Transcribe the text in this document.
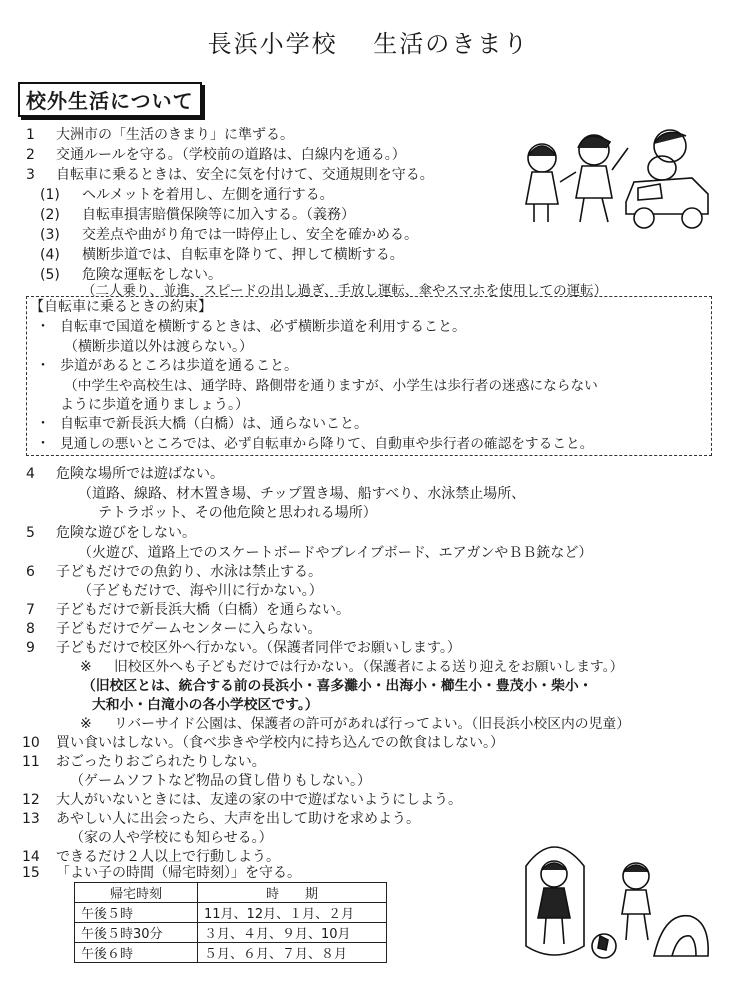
長浜小学校　 生活のきまり
校外生活について
1 大洲市の「生活のきまり」に準ずる。
2 交通ルールを守る。（学校前の道路は、白線内を通る。）
3 自転車に乗るときは、安全に気を付けて、交通規則を守る。
(1) ヘルメットを着用し、左側を通行する。
(2) 自転車損害賠償保険等に加入する。（義務）
(3) 交差点や曲がり角では一時停止し、安全を確かめる。
(4) 横断歩道では、自転車を降りて、押して横断する。
(5) 危険な運転をしない。
（二人乗り、並進、スピードの出し過ぎ、手放し運転、傘やスマホを使用しての運転）
【自転車に乗るときの約束】
・ 自転車で国道を横断するときは、必ず横断歩道を利用すること。
（横断歩道以外は渡らない。）
・ 歩道があるところは歩道を通ること。
（中学生や高校生は、通学時、路側帯を通りますが、小学生は歩行者の迷惑にならない
ように歩道を通りましょう。）
・ 自転車で新長浜大橋（白橋）は、通らないこと。
・ 見通しの悪いところでは、必ず自転車から降りて、自動車や歩行者の確認をすること。
4 危険な場所では遊ばない。
（道路、線路、材木置き場、チップ置き場、船すべり、水泳禁止場所、
テトラポット、その他危険と思われる場所）
5 危険な遊びをしない。
（火遊び、道路上でのスケートボードやブレイブボード、エアガンやＢＢ銃など）
6 子どもだけでの魚釣り、水泳は禁止する。
（子どもだけで、海や川に行かない。）
7 子どもだけで新長浜大橋（白橋）を通らない。
8 子どもだけでゲームセンターに入らない。
9 子どもだけで校区外へ行かない。（保護者同伴でお願いします。）
※ 旧校区外へも子どもだけでは行かない。（保護者による送り迎えをお願いします。）
（旧校区とは、統合する前の長浜小・喜多灘小・出海小・櫛生小・豊茂小・柴小・
大和小・白滝小の各小学校区です。）
※ リバーサイド公園は、保護者の許可があれば行ってよい。（旧長浜小校区内の児童）
10 買い食いはしない。（食べ歩きや学校内に持ち込んでの飲食はしない。）
11 おごったりおごられたりしない。
（ゲームソフトなど物品の貸し借りもしない。）
12 大人がいないときには、友達の家の中で遊ばないようにしよう。
13 あやしい人に出会ったら、大声を出して助けを求めよう。
（家の人や学校にも知らせる。）
14 できるだけ２人以上で行動しよう。
15 「よい子の時間（帰宅時刻）」を守る。
帰宅時刻	時　　期
午後５時	11月、12月、１月、２月
午後５時30分	３月、４月、９月、10月
午後６時	５月、６月、７月、８月
